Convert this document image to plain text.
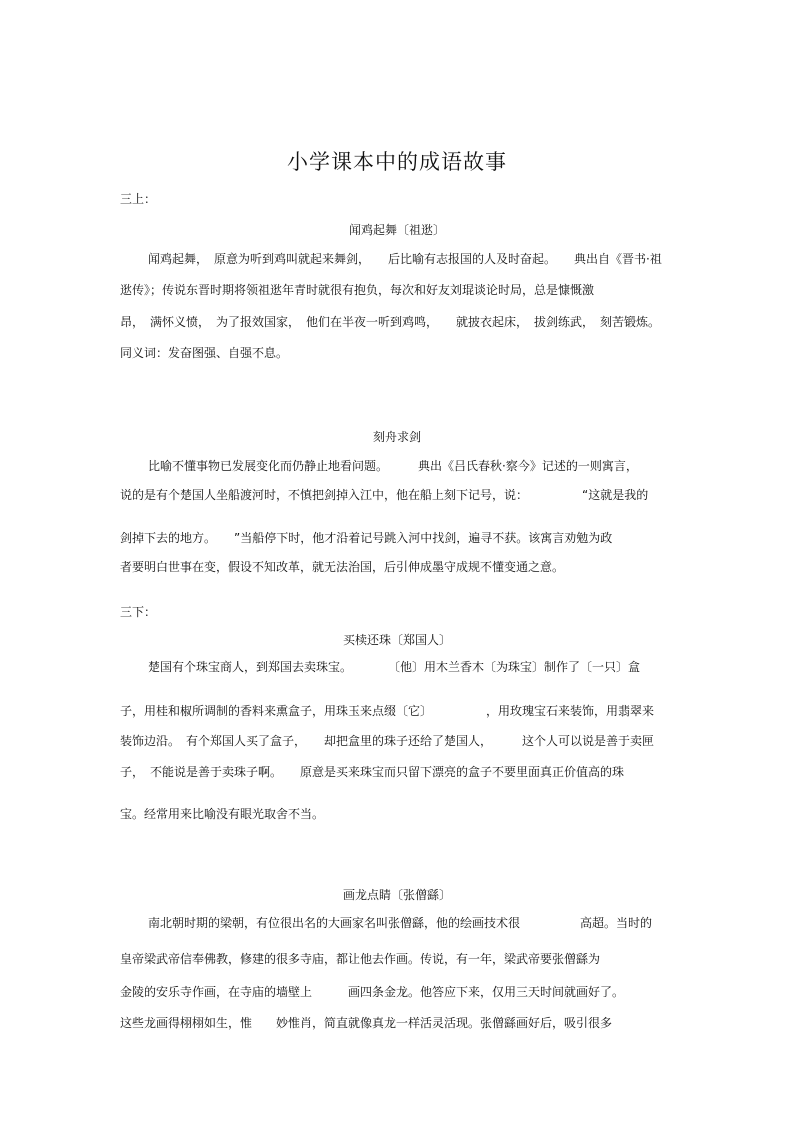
小学课本中的成语故事
三上：
闻鸡起舞〔祖逖〕
闻鸡起舞，　原意为听到鸡叫就起来舞剑，　　后比喻有志报国的人及时奋起。　　典出自《晋书·祖
逖传》；传说东晋时期将领祖逖年青时就很有抱负，每次和好友刘琨谈论时局，总是慷慨激
昂，　满怀义愤，　为了报效国家，　他们在半夜一听到鸡鸣，　　就披衣起床，　拔剑练武，　刻苦锻炼。
同义词：发奋图强、自强不息。
刻舟求剑
比喻不懂事物已发展变化而仍静止地看问题。　　　典出《吕氏春秋·察今》记述的一则寓言，
说的是有个楚国人坐船渡河时，不慎把剑掉入江中，他在船上刻下记号，说：　　　　　“这就是我的
剑掉下去的地方。　　”当船停下时，他才沿着记号跳入河中找剑，遍寻不获。该寓言劝勉为政
者要明白世事在变，假设不知改革，就无法治国，后引伸成墨守成规不懂变通之意。
三下：
买椟还珠〔郑国人〕
楚国有个珠宝商人，到郑国去卖珠宝。　　　　〔他〕用木兰香木〔为珠宝〕制作了〔一只〕盒
子，用桂和椒所调制的香料来熏盒子，用珠玉来点缀〔它〕　　　　　，用玫瑰宝石来装饰，用翡翠来
装饰边沿。　有个郑国人买了盒子，　　却把盒里的珠子还给了楚国人，　　　这个人可以说是善于卖匣
子，　不能说是善于卖珠子啊。　　原意是买来珠宝而只留下漂亮的盒子不要里面真正价值高的珠
宝。经常用来比喻没有眼光取舍不当。
画龙点睛〔张僧繇〕
南北朝时期的梁朝，有位很出名的大画家名叫张僧繇，他的绘画技术很　　　　　高超。当时的
皇帝梁武帝信奉佛教，修建的很多寺庙，都让他去作画。传说，有一年，梁武帝要张僧繇为
金陵的安乐寺作画，在寺庙的墙壁上　　　画四条金龙。他答应下来，仅用三天时间就画好了。
这些龙画得栩栩如生，惟　　妙惟肖，简直就像真龙一样活灵活现。张僧繇画好后，吸引很多
